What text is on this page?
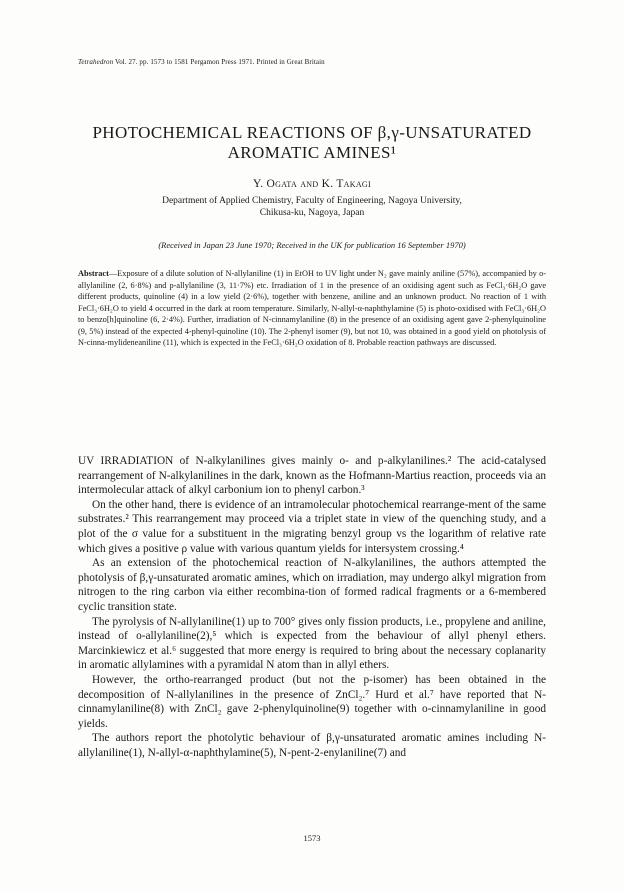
Tetrahedron Vol. 27. pp. 1573 to 1581 Pergamon Press 1971. Printed in Great Britain
PHOTOCHEMICAL REACTIONS OF β,γ-UNSATURATED
AROMATIC AMINES¹
Y. Ogata and K. Takagi
Department of Applied Chemistry, Faculty of Engineering, Nagoya University,
Chikusa-ku, Nagoya, Japan
(Received in Japan 23 June 1970; Received in the UK for publication 16 September 1970)
Abstract—Exposure of a dilute solution of N-allylaniline (1) in EtOH to UV light under N₂ gave mainly aniline (57%), accompanied by o-allylaniline (2, 6·8%) and p-allylaniline (3, 11·7%) etc. Irradiation of 1 in the presence of an oxidising agent such as FeCl₃·6H₂O gave different products, quinoline (4) in a low yield (2·6%), together with benzene, aniline and an unknown product. No reaction of 1 with FeCl₃·6H₂O to yield 4 occurred in the dark at room temperature. Similarly, N-allyl-α-naphthylamine (5) is photo-oxidised with FeCl₃·6H₂O to benzo[h]quinoline (6, 2·4%). Further, irradiation of N-cinnamylaniline (8) in the presence of an oxidising agent gave 2-phenylquinoline (9, 5%) instead of the expected 4-phenyl-quinoline (10). The 2-phenyl isomer (9), but not 10, was obtained in a good yield on photolysis of N-cinna-mylidenеaniline (11), which is expected in the FeCl₃·6H₂O oxidation of 8. Probable reaction pathways are discussed.

UV IRRADIATION of N-alkylanilines gives mainly o- and p-alkylanilines.² The acid-catalysed rearrangement of N-alkylanilines in the dark, known as the Hofmann-Martius reaction, proceeds via an intermolecular attack of alkyl carbonium ion to phenyl carbon.³

On the other hand, there is evidence of an intramolecular photochemical rearrange-ment of the same substrates.² This rearrangement may proceed via a triplet state in view of the quenching study, and a plot of the σ value for a substituent in the migrating benzyl group vs the logarithm of relative rate which gives a positive ρ value with various quantum yields for intersystem crossing.⁴

As an extension of the photochemical reaction of N-alkylanilines, the authors attempted the photolysis of β,γ-unsaturated aromatic amines, which on irradiation, may undergo alkyl migration from nitrogen to the ring carbon via either recombina-tion of formed radical fragments or a 6-membered cyclic transition state.

The pyrolysis of N-allylaniline(1) up to 700° gives only fission products, i.e., propylene and aniline, instead of o-allylaniline(2),⁵ which is expected from the behaviour of allyl phenyl ethers. Marcinkiewicz et al.⁶ suggested that more energy is required to bring about the necessary coplanarity in aromatic allylamines with a pyramidal N atom than in allyl ethers.

However, the ortho-rearranged product (but not the p-isomer) has been obtained in the decomposition of N-allylanilines in the presence of ZnCl₂.⁷ Hurd et al.⁷ have reported that N-cinnamylaniline(8) with ZnCl₂ gave 2-phenylquinoline(9) together with o-cinnamylaniline in good yields.

The authors report the photolytic behaviour of β,γ-unsaturated aromatic amines including N-allylaniline(1), N-allyl-α-naphthylamine(5), N-pent-2-enylaniline(7) and

1573
